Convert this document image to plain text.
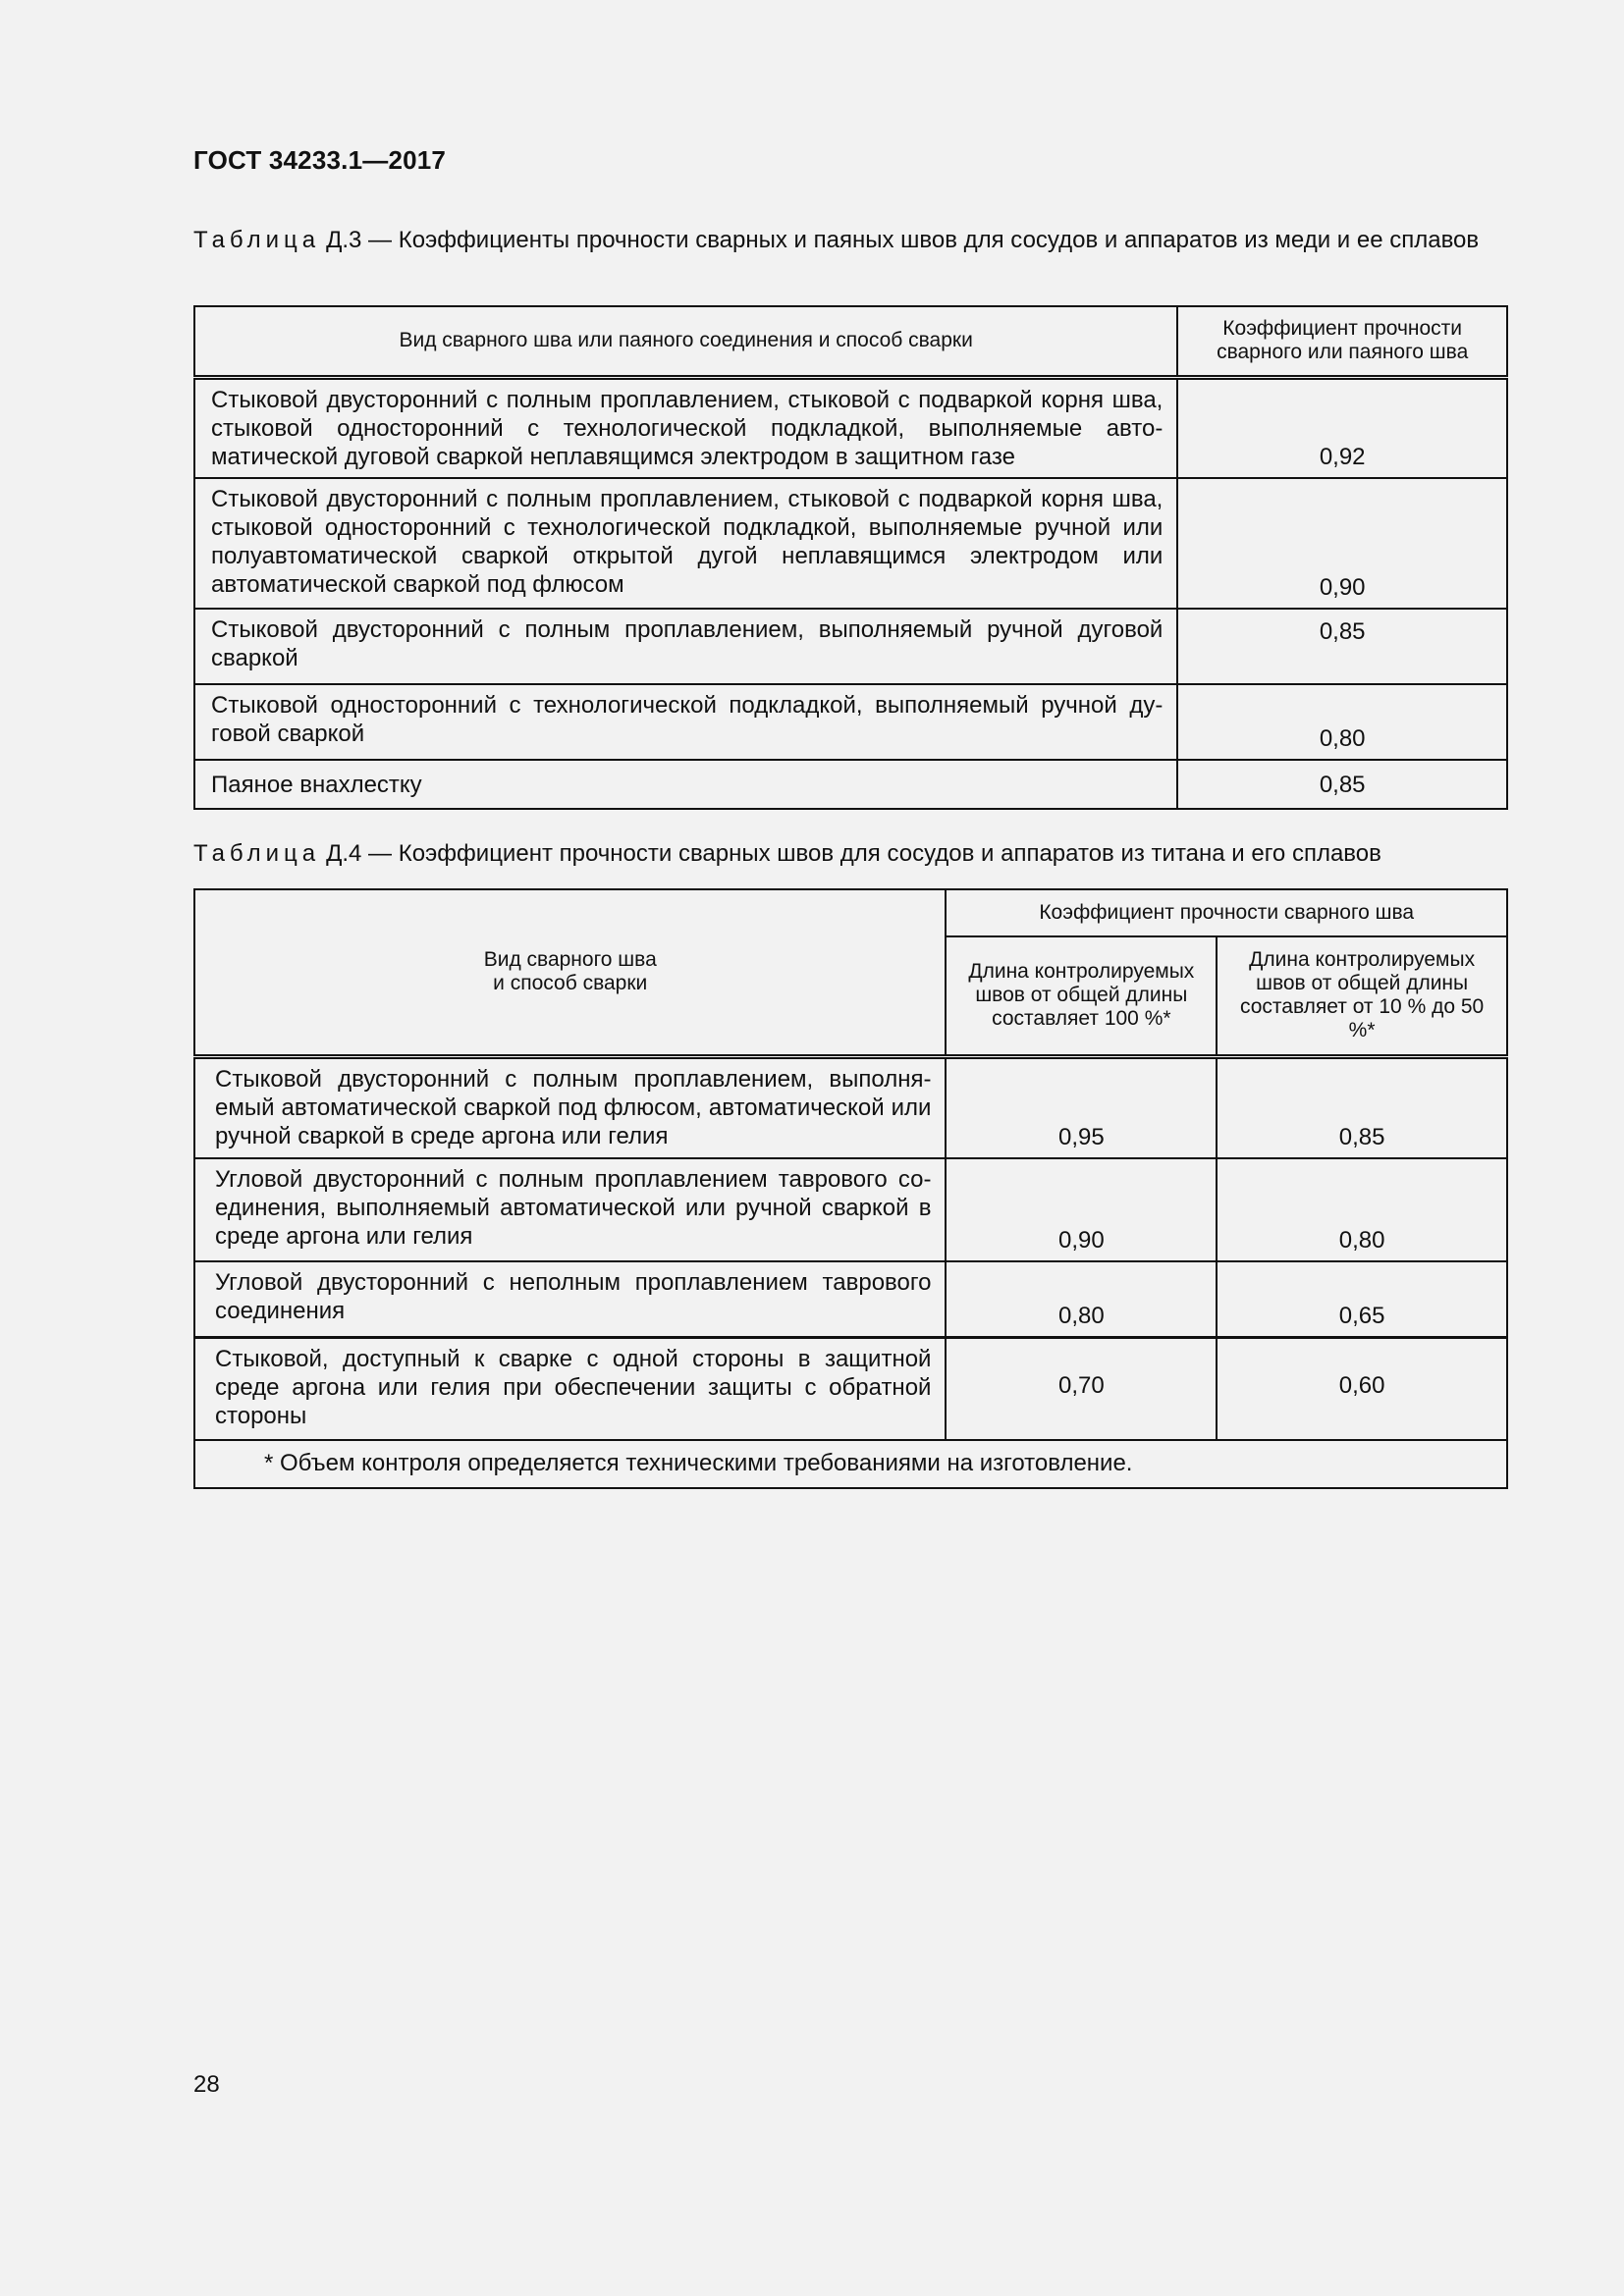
ГОСТ 34233.1—2017
Таблица Д.3 — Коэффициенты прочности сварных и паяных швов для сосудов и аппаратов из меди и ее сплавов
Вид сварного шва или паяного соединения и способ сварки	Коэффициент прочности сварного или паяного шва
Стыковой двусторонний с полным проплавлением, стыковой с подваркой корня шва, стыковой односторонний с технологической подкладкой, выполняемые автоматической дуговой сваркой неплавящимся электродом в защитном газе	0,92
Стыковой двусторонний с полным проплавлением, стыковой с подваркой корня шва, стыковой односторонний с технологической подкладкой, выполняемые ручной или полуавтоматической сваркой открытой дугой неплавящимся электродом или автоматической сваркой под флюсом	0,90
Стыковой двусторонний с полным проплавлением, выполняемый ручной дуговой сваркой	0,85
Стыковой односторонний с технологической подкладкой, выполняемый ручной дуговой сваркой	0,80
Паяное внахлестку	0,85
Таблица Д.4 — Коэффициент прочности сварных швов для сосудов и аппаратов из титана и его сплавов
Вид сварного шва
и способ сварки	Коэффициент прочности сварного шва	
	Длина контролируемых швов от общей длины составляет 100 %*	Длина контролируемых швов от общей длины составляет от 10 % до 50 %*
Стыковой двусторонний с полным проплавлением, выполняемый автоматической сваркой под флюсом, автоматической или ручной сваркой в среде аргона или гелия	0,95	0,85
Угловой двусторонний с полным проплавлением таврового соединения, выполняемый автоматической или ручной сваркой в среде аргона или гелия	0,90	0,80
Угловой двусторонний с неполным проплавлением таврового соединения	0,80	0,65
Стыковой, доступный к сварке с одной стороны в защитной среде аргона или гелия при обеспечении защиты с обратной стороны	0,70	0,60
* Объем контроля определяется техническими требованиями на изготовление.		
28
